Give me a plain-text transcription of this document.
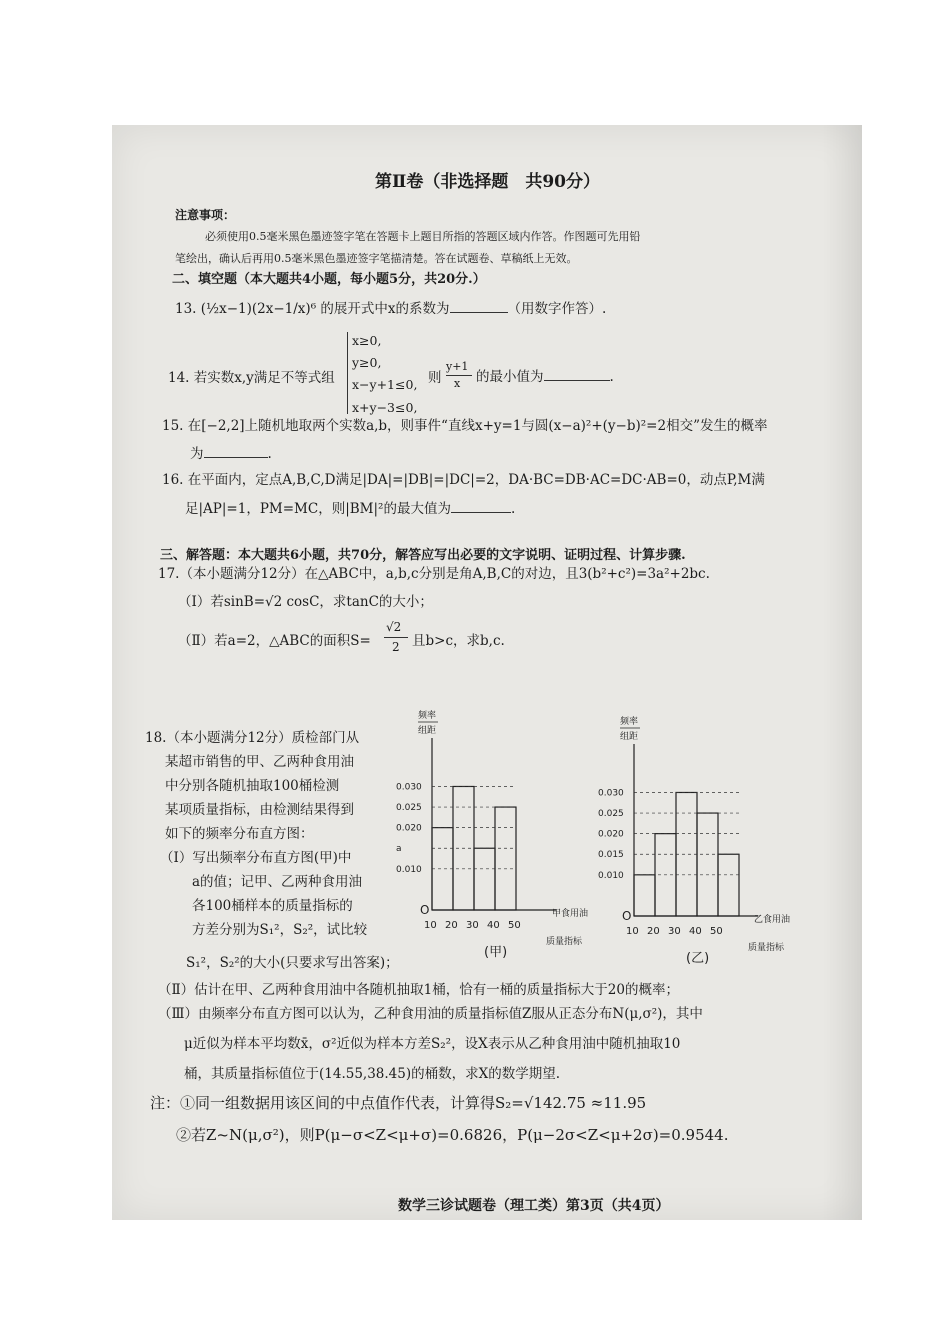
第Ⅱ卷（非选择题　共90分）
注意事项：
必须使用0.5毫米黑色墨迹签字笔在答题卡上题目所指的答题区域内作答。作图题可先用铅
笔绘出，确认后再用0.5毫米黑色墨迹签字笔描清楚。答在试题卷、草稿纸上无效。
二、填空题（本大题共4小题，每小题5分，共20分.）
13. (½x−1)(2x−1/x)⁶ 的展开式中x的系数为	（用数字作答）.
14. 若实数x,y满足不等式组
x≥0,
y≥0,
x−y+1≤0,
x+y−3≤0,
则
y+1
x 的最小值为	.
15. 在[−2,2]上随机地取两个实数a,b，则事件“直线x+y=1与圆(x−a)²+(y−b)²=2相交”发生的概率
为	.
16. 在平面内，定点A,B,C,D满足|DA|=|DB|=|DC|=2，DA·BC=DB·AC=DC·AB=0，动点P,M满
足|AP|=1，PM=MC，则|BM|²的最大值为	.
三、解答题：本大题共6小题，共70分，解答应写出必要的文字说明、证明过程、计算步骤.
17.（本小题满分12分）在△ABC中，a,b,c分别是角A,B,C的对边，且3(b²+c²)=3a²+2bc.
（Ⅰ）若sinB=√2 cosC，求tanC的大小；
（Ⅱ）若a=2，△ABC的面积S=
√2
2 且b>c，求b,c.
18.（本小题满分12分）质检部门从
某超市销售的甲、乙两种食用油
中分别各随机抽取100桶检测
某项质量指标，由检测结果得到
如下的频率分布直方图：
（Ⅰ）写出频率分布直方图(甲)中
a的值；记甲、乙两种食用油
各100桶样本的质量指标的
方差分别为S₁²，S₂²，试比较
S₁²，S₂²的大小(只要求写出答案)；
频率
组距
O
0.030
0.025
0.020
a
0.010
10 20 30 40 50
甲食用油
质量指标
(甲)
频率
组距
O
0.030
0.025
0.020
0.015
0.010
10 20 30 40 50
乙食用油
质量指标
(乙)
（Ⅱ）估计在甲、乙两种食用油中各随机抽取1桶，恰有一桶的质量指标大于20的概率；
（Ⅲ）由频率分布直方图可以认为，乙种食用油的质量指标值Z服从正态分布N(μ,σ²)，其中
μ近似为样本平均数x̄，σ²近似为样本方差S₂²，设X表示从乙种食用油中随机抽取10
桶，其质量指标值位于(14.55,38.45)的桶数，求X的数学期望.
注：①同一组数据用该区间的中点值作代表，计算得S₂=√142.75 ≈11.95
②若Z~N(μ,σ²)，则P(μ−σ<Z<μ+σ)=0.6826，P(μ−2σ<Z<μ+2σ)=0.9544.
数学三诊试题卷（理工类）第3页（共4页）
